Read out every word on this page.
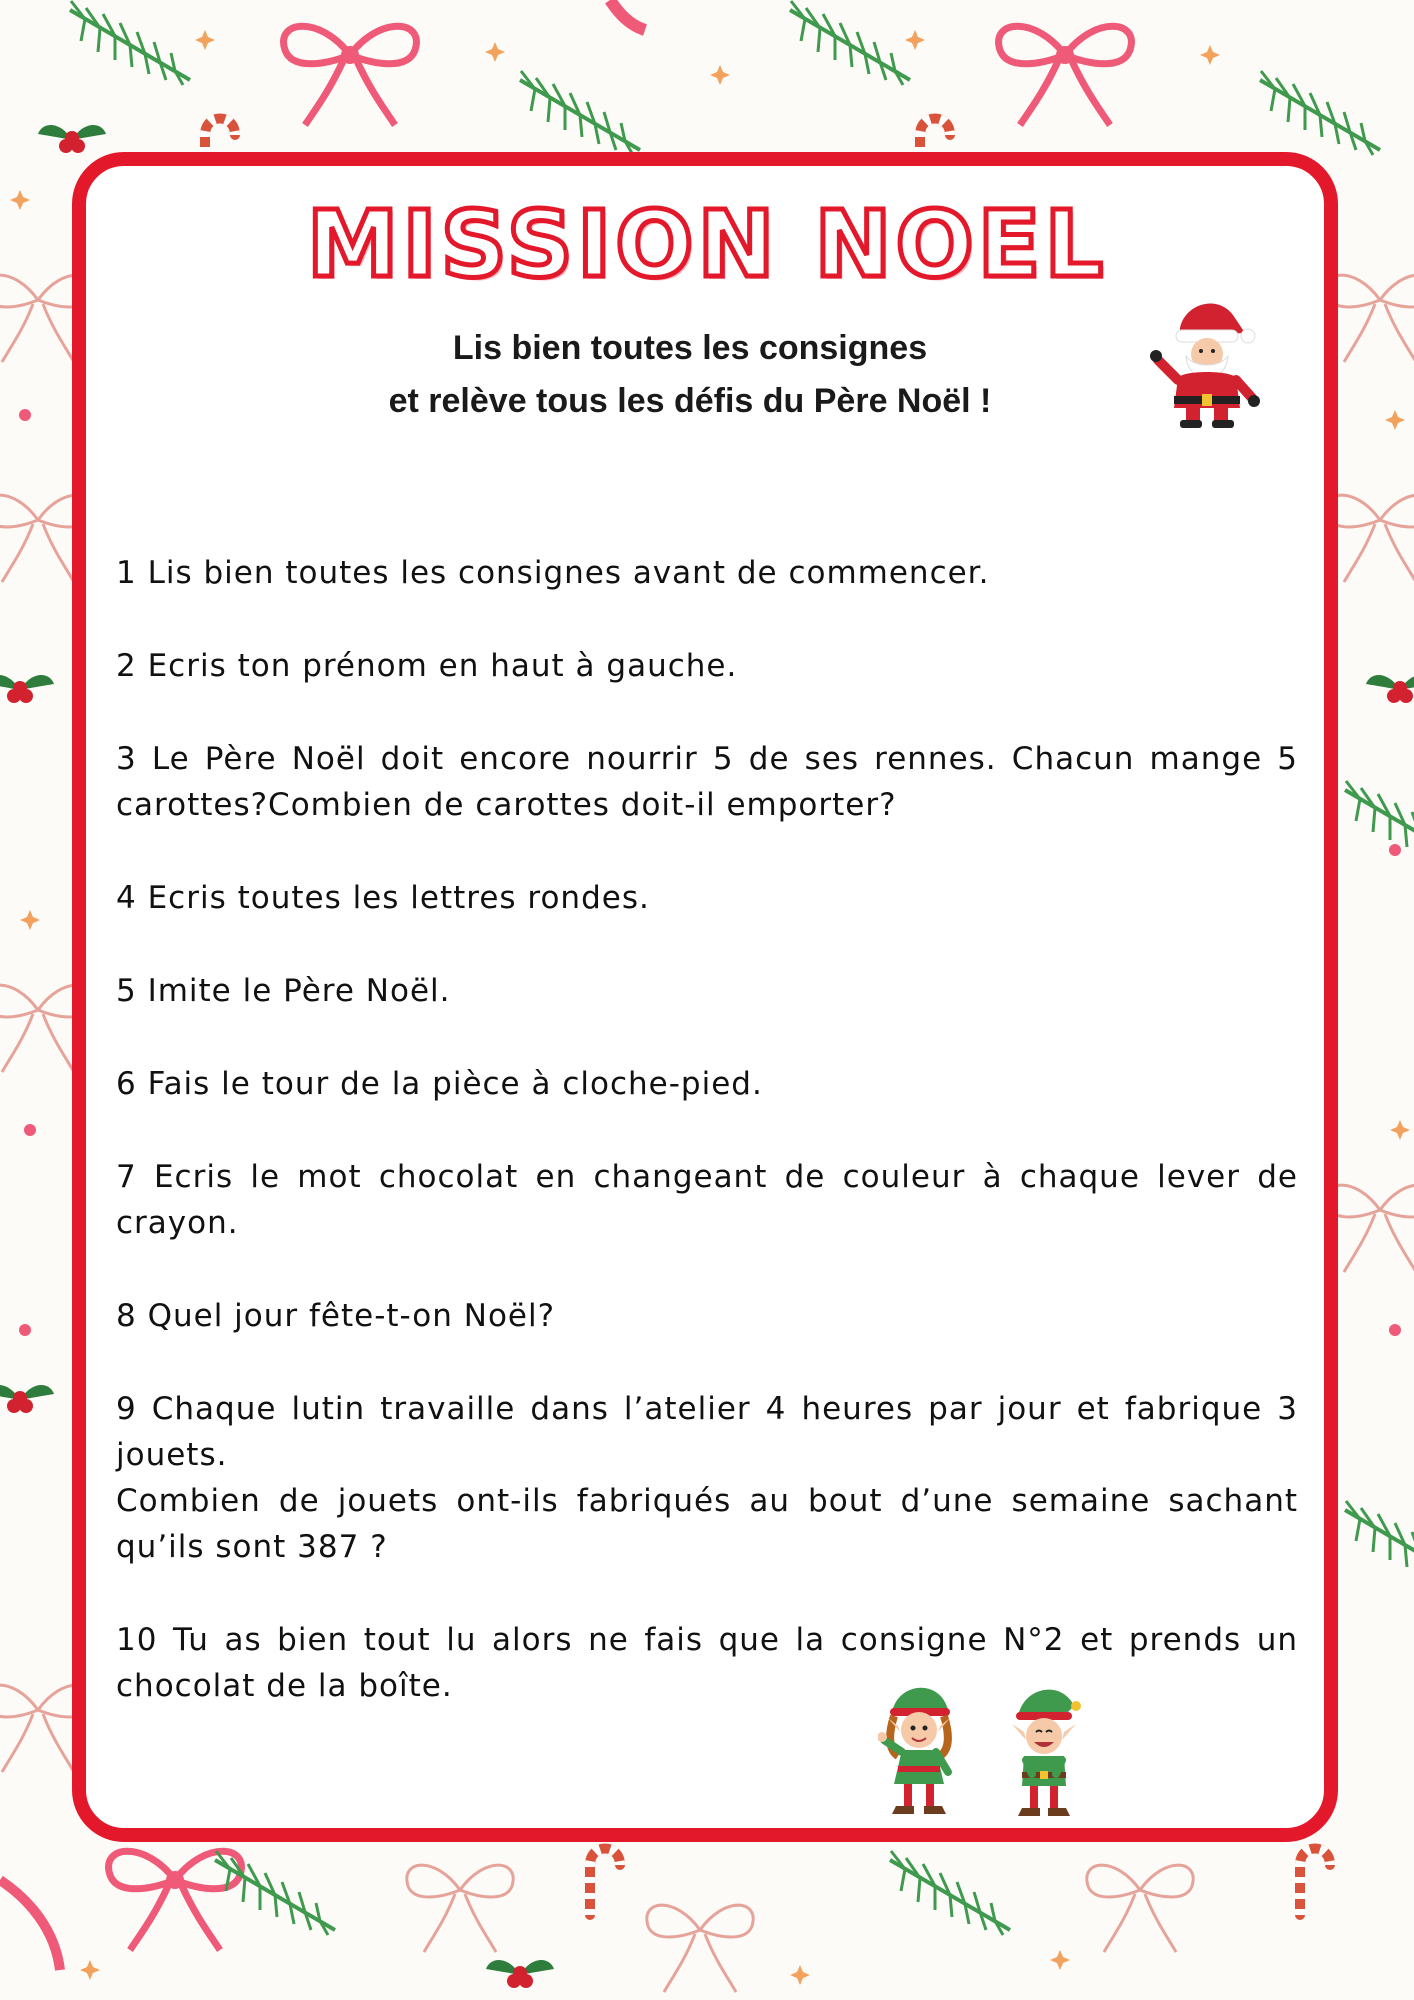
MISSION NOEL
Lis bien toutes les consignes
et relève tous les défis du Père Noël !
1 Lis bien toutes les consignes avant de commencer.
2 Ecris ton prénom en haut à gauche.
3 Le Père Noël doit encore nourrir 5 de ses rennes. Chacun mange 5 carottes?Combien de carottes doit-il emporter?
4 Ecris toutes les lettres rondes.
5 Imite le Père Noël.
6 Fais le tour de la pièce à cloche-pied.
7 Ecris le mot chocolat en changeant de couleur à chaque lever de crayon.
8 Quel jour fête-t-on Noël?
9 Chaque lutin travaille dans l’atelier 4 heures par jour et fabrique 3 jouets.
Combien de jouets ont-ils fabriqués au bout d’une semaine sachant qu’ils sont 387 ?
10 Tu as bien tout lu alors ne fais que la consigne N°2 et prends un chocolat de la boîte.
